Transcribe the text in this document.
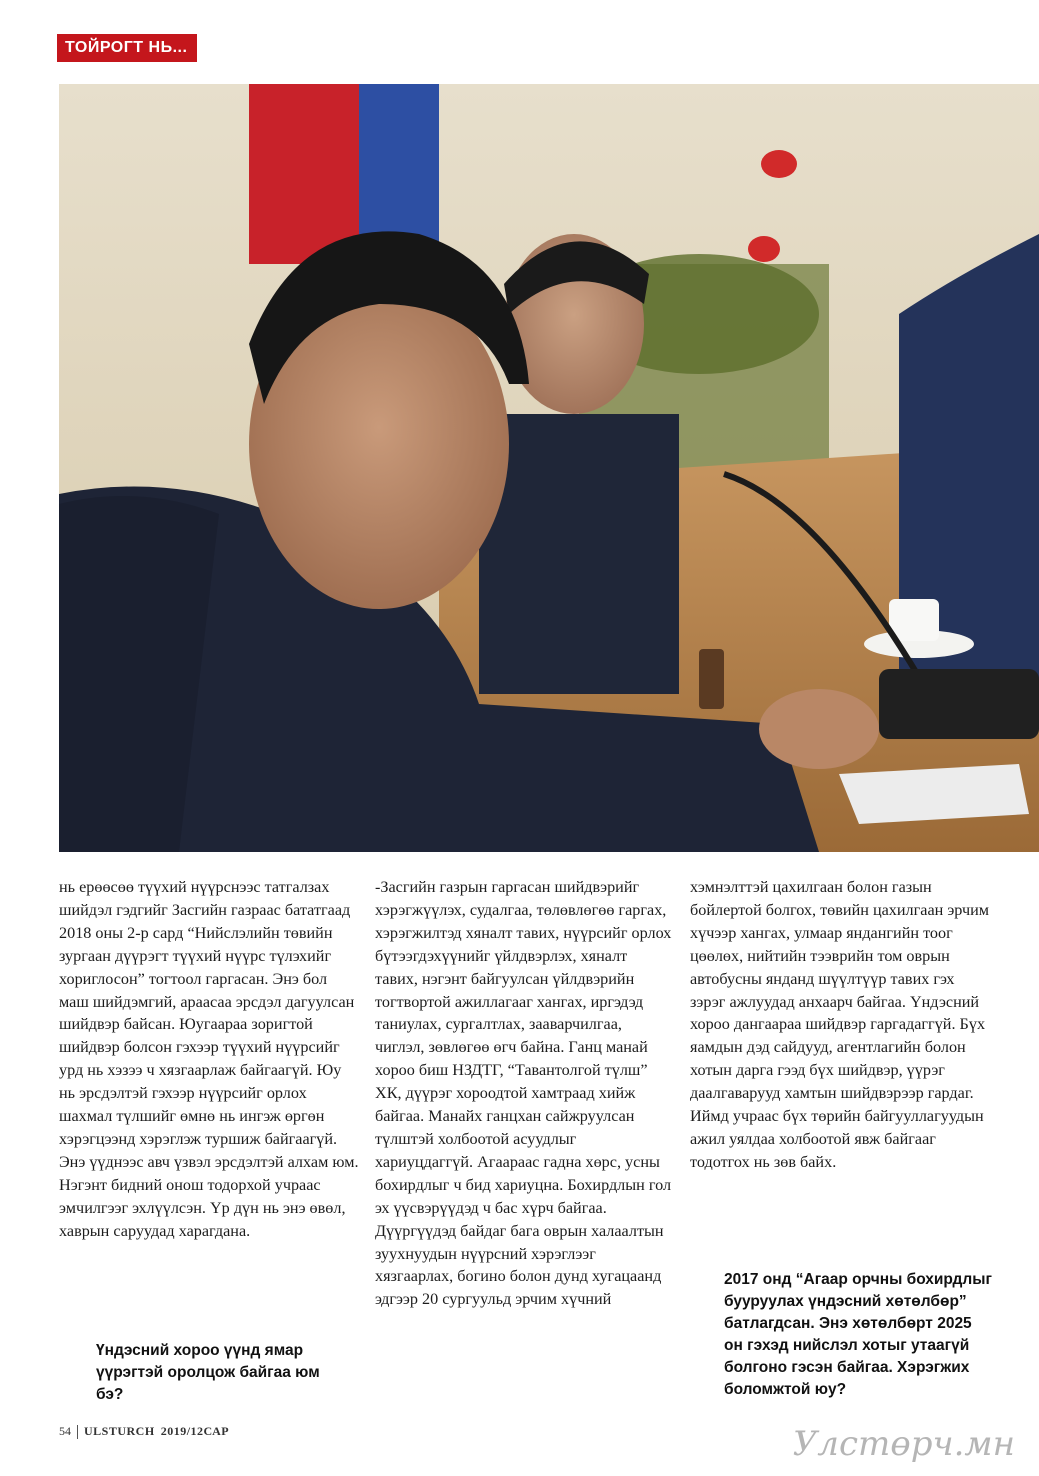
ТОЙРОГТ НЬ...

нь ерөөсөө түүхий нүүрснээс татгалзах шийдэл гэдгийг Засгийн газраас бататгаад 2018 оны 2-р сард “Нийслэлийн төвийн зургаан дүүрэгт түүхий нүүрс түлэхийг хориглосон” тогтоол гаргасан. Энэ бол маш шийдэмгий, араасаа эрсдэл дагуулсан шийдвэр байсан. Юугаараа зоригтой шийдвэр болсон гэхээр түүхий нүүрсийг урд нь хэзээ ч хязгаарлаж байгаагүй. Юу нь эрсдэлтэй гэхээр нүүрсийг орлох шахмал түлшийг өмнө нь ингэж өргөн хэрэгцээнд хэрэглэж туршиж байгаагүй. Энэ үүднээс авч үзвэл эрсдэлтэй алхам юм. Нэгэнт бидний онош тодорхой учраас эмчилгээг эхлүүлсэн. Үр дүн нь энэ өвөл, хаврын саруудад харагдана.

Үндэсний хороо үүнд ямар үүрэгтэй оролцож байгаа юм бэ?

-Засгийн газрын гаргасан шийдвэрийг хэрэгжүүлэх, судалгаа, төлөвлөгөө гаргах, хэрэгжилтэд хяналт тавих, нүүрсийг орлох бүтээгдэхүүнийг үйлдвэрлэх, хяналт тавих, нэгэнт байгуулсан үйлдвэрийн тогтвортой ажиллагааг хангах, иргэдэд таниулах, сургалтлах, зааварчилгаа, чиглэл, зөвлөгөө өгч байна. Ганц манай хороо биш НЗДТГ, “Тавантолгой түлш” ХК, дүүрэг хороодтой хамтраад хийж байгаа. Манайх ганцхан сайжруулсан түлштэй холбоотой асуудлыг хариуцдаггүй. Агаараас гадна хөрс, усны бохирдлыг ч бид хариуцна. Бохирдлын гол эх үүсвэрүүдэд ч бас хүрч байгаа. Дүүргүүдэд байдаг бага оврын халаалтын зуухнуудын нүүрсний хэрэглээг хязгаарлах, богино болон дунд хугацаанд эдгээр 20 сургуульд эрчим хүчний

хэмнэлттэй цахилгаан болон газын бойлертой болгох, төвийн цахилгаан эрчим хүчээр хангах, улмаар яндангийн тоог цөөлөх, нийтийн тээврийн том оврын автобусны яндaнд шүүлтүүр тавих гэх зэрэг ажлуудад анхаарч байгаа. Үндэсний хороо дангаараа шийдвэр гаргадаггүй. Бүх яамдын дэд сайдууд, агентлагийн болон хотын дарга гээд бүх шийдвэр, үүрэг даалгаварууд хамтын шийдвэрээр гардаг. Иймд учраас бүх төрийн байгууллагуудын ажил уялдаа холбоотой явж байгааг тодотгох нь зөв байх.

2017 онд “Агаар орчны бохирдлыг бууруулах үндэсний хөтөлбөр” батлагдсан. Энэ хөтөлбөрт 2025 он гэхэд нийслэл хотыг утаагүй болгоно гэсэн байгаа. Хэрэгжих боломжтой юу?
54 ULSTURCH 2019/12САР	Улстөрч.мн
